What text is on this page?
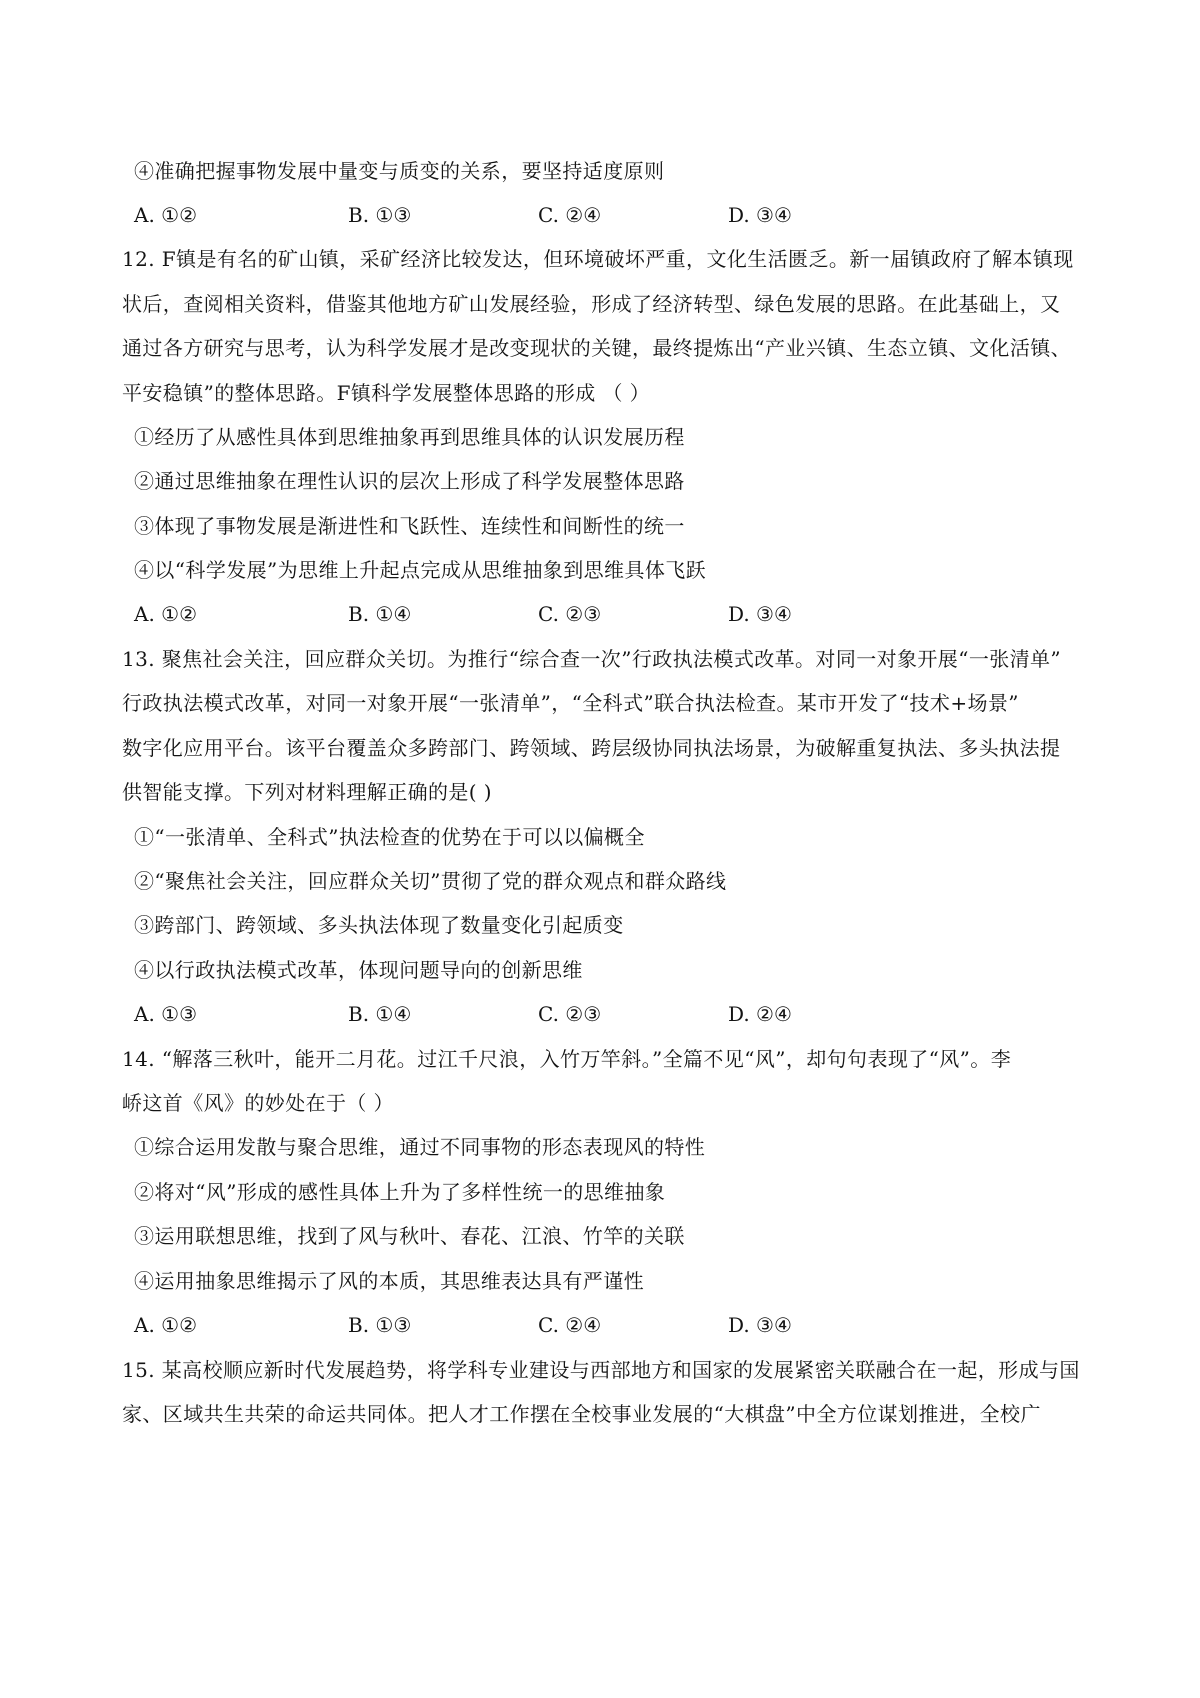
④准确把握事物发展中量变与质变的关系，要坚持适度原则
A. ①②	B. ①③	C. ②④	D. ③④
12. F镇是有名的矿山镇，采矿经济比较发达，但环境破坏严重，文化生活匮乏。新一届镇政府了解本镇现
状后，查阅相关资料，借鉴其他地方矿山发展经验，形成了经济转型、绿色发展的思路。在此基础上，又
通过各方研究与思考，认为科学发展才是改变现状的关键，最终提炼出“产业兴镇、生态立镇、文化活镇、
平安稳镇”的整体思路。F镇科学发展整体思路的形成 （ ）
①经历了从感性具体到思维抽象再到思维具体的认识发展历程
②通过思维抽象在理性认识的层次上形成了科学发展整体思路
③体现了事物发展是渐进性和飞跃性、连续性和间断性的统一
④以“科学发展”为思维上升起点完成从思维抽象到思维具体飞跃
A. ①②	B. ①④	C. ②③	D. ③④
13. 聚焦社会关注，回应群众关切。为推行“综合查一次”行政执法模式改革。对同一对象开展“一张清单”
行政执法模式改革，对同一对象开展“一张清单”，“全科式”联合执法检查。某市开发了“技术+场景”
数字化应用平台。该平台覆盖众多跨部门、跨领域、跨层级协同执法场景，为破解重复执法、多头执法提
供智能支撑。下列对材料理解正确的是( )
①“一张清单、全科式”执法检查的优势在于可以以偏概全
②“聚焦社会关注，回应群众关切”贯彻了党的群众观点和群众路线
③跨部门、跨领域、多头执法体现了数量变化引起质变
④以行政执法模式改革，体现问题导向的创新思维
A. ①③	B. ①④	C. ②③	D. ②④
14. “解落三秋叶，能开二月花。过江千尺浪，入竹万竿斜。”全篇不见“风”，却句句表现了“风”。李
峤这首《风》的妙处在于（ ）
①综合运用发散与聚合思维，通过不同事物的形态表现风的特性
②将对“风”形成的感性具体上升为了多样性统一的思维抽象
③运用联想思维，找到了风与秋叶、春花、江浪、竹竿的关联
④运用抽象思维揭示了风的本质，其思维表达具有严谨性
A. ①②	B. ①③	C. ②④	D. ③④
15. 某高校顺应新时代发展趋势，将学科专业建设与西部地方和国家的发展紧密关联融合在一起，形成与国
家、区域共生共荣的命运共同体。把人才工作摆在全校事业发展的“大棋盘”中全方位谋划推进，全校广
